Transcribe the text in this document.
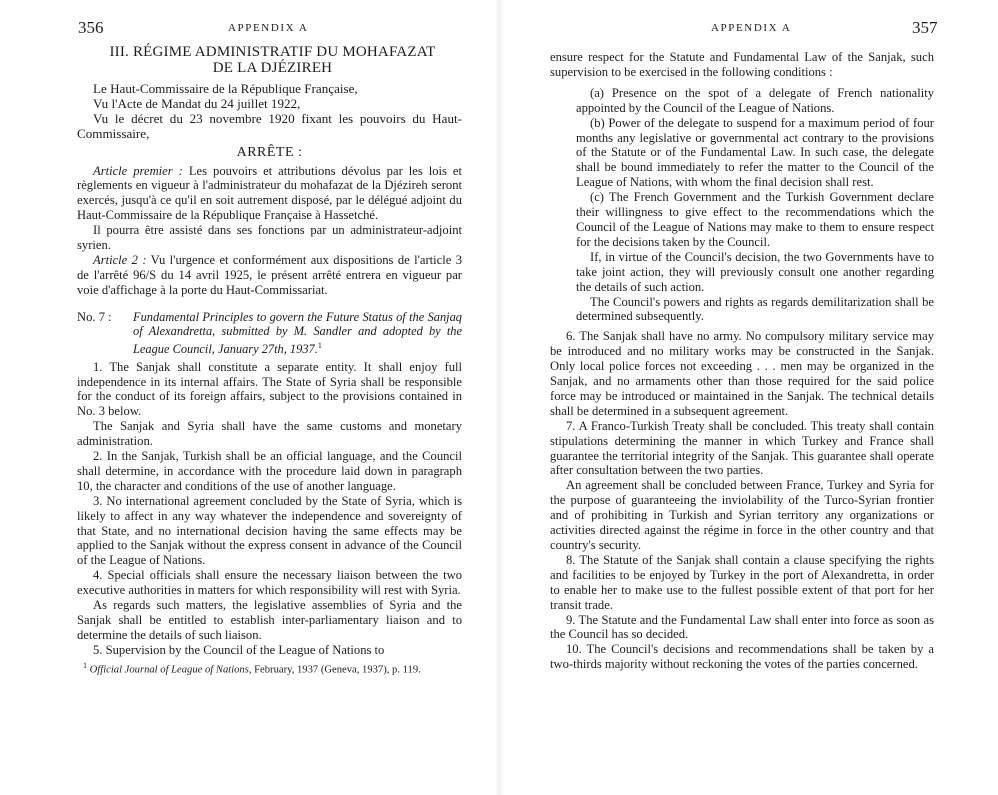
356	APPENDIX A
III. RÉGIME ADMINISTRATIF DU MOHAFAZAT
DE LA DJÉZIREH

Le Haut-Commissaire de la République Française,

Vu l'Acte de Mandat du 24 juillet 1922,

Vu le décret du 23 novembre 1920 fixant les pouvoirs du Haut-Commissaire,

ARRÊTE :

Article premier : Les pouvoirs et attributions dévolus par les lois et règlements en vigueur à l'administrateur du mohafazat de la Djézireh seront exercés, jusqu'à ce qu'il en soit autrement disposé, par le délégué adjoint du Haut-Commissaire de la République Française à Hassetché.

Il pourra être assisté dans ses fonctions par un administrateur-adjoint syrien.

Article 2 : Vu l'urgence et conformément aux dispositions de l'article 3 de l'arrêté 96/S du 14 avril 1925, le présent arrêté entrera en vigueur par voie d'affichage à la porte du Haut-Commissariat.

No. 7 :	Fundamental Principles to govern the Future Status of the Sanjaq of Alexandretta, submitted by M. Sandler and adopted by the League Council, January 27th, 1937.$^1$

1. The Sanjak shall constitute a separate entity. It shall enjoy full independence in its internal affairs. The State of Syria shall be responsible for the conduct of its foreign affairs, subject to the provisions contained in No. 3 below.

The Sanjak and Syria shall have the same customs and monetary administration.

2. In the Sanjak, Turkish shall be an official language, and the Council shall determine, in accordance with the procedure laid down in paragraph 10, the character and conditions of the use of another language.

3. No international agreement concluded by the State of Syria, which is likely to affect in any way whatever the independence and sovereignty of that State, and no international decision having the same effects may be applied to the Sanjak without the express consent in advance of the Council of the League of Nations.

4. Special officials shall ensure the necessary liaison between the two executive authorities in matters for which responsibility will rest with Syria.

As regards such matters, the legislative assemblies of Syria and the Sanjak shall be entitled to establish inter-parliamentary liaison and to determine the details of such liaison.

5. Supervision by the Council of the League of Nations to

$^1$ Official Journal of League of Nations, February, 1937 (Geneva, 1937), p. 119.
APPENDIX A	357

ensure respect for the Statute and Fundamental Law of the Sanjak, such supervision to be exercised in the following conditions :

(a) Presence on the spot of a delegate of French nationality appointed by the Council of the League of Nations.

(b) Power of the delegate to suspend for a maximum period of four months any legislative or governmental act contrary to the provisions of the Statute or of the Fundamental Law. In such case, the delegate shall be bound immediately to refer the matter to the Council of the League of Nations, with whom the final decision shall rest.

(c) The French Government and the Turkish Government declare their willingness to give effect to the recommendations which the Council of the League of Nations may make to them to ensure respect for the decisions taken by the Council.

If, in virtue of the Council's decision, the two Governments have to take joint action, they will previously consult one another regarding the details of such action.

The Council's powers and rights as regards demilitarization shall be determined subsequently.

6. The Sanjak shall have no army. No compulsory military service may be introduced and no military works may be constructed in the Sanjak. Only local police forces not exceeding . . . men may be organized in the Sanjak, and no armaments other than those required for the said police force may be introduced or maintained in the Sanjak. The technical details shall be determined in a subsequent agreement.

7. A Franco-Turkish Treaty shall be concluded. This treaty shall contain stipulations determining the manner in which Turkey and France shall guarantee the territorial integrity of the Sanjak. This guarantee shall operate after consultation between the two parties.

An agreement shall be concluded between France, Turkey and Syria for the purpose of guaranteeing the inviolability of the Turco-Syrian frontier and of prohibiting in Turkish and Syrian territory any organizations or activities directed against the régime in force in the other country and that country's security.

8. The Statute of the Sanjak shall contain a clause specifying the rights and facilities to be enjoyed by Turkey in the port of Alexandretta, in order to enable her to make use to the fullest possible extent of that port for her transit trade.

9. The Statute and the Fundamental Law shall enter into force as soon as the Council has so decided.

10. The Council's decisions and recommendations shall be taken by a two-thirds majority without reckoning the votes of the parties concerned.
